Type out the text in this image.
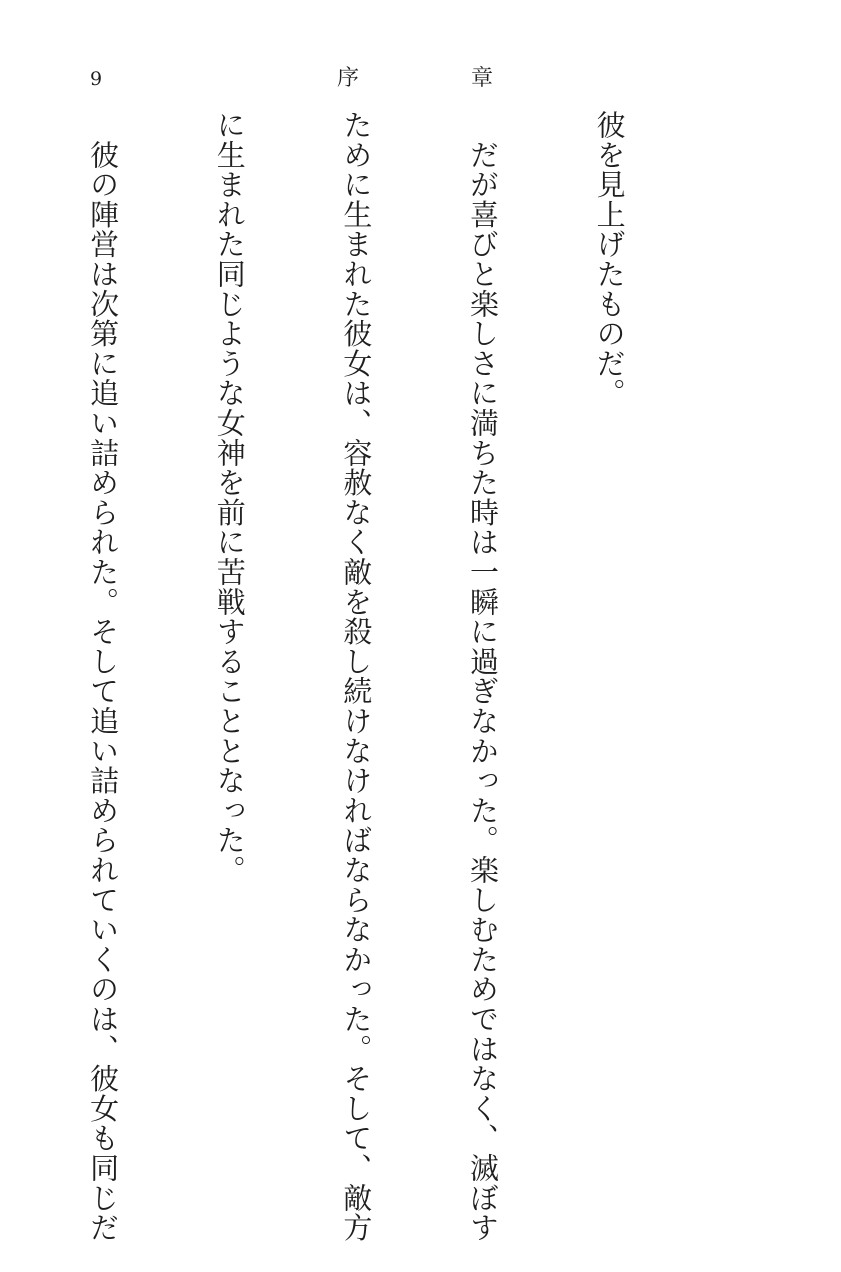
9	序	章

彼を見上げたものだ。

　だが喜びと楽しさに満ちた時は一瞬に過ぎなかった。楽しむためではなく、滅ぼす

ために生まれた彼女は、容赦なく敵を殺し続けなければならなかった。そして、敵方

に生まれた同じような女神を前に苦戦することとなった。

　彼の陣営は次第に追い詰められた。そして追い詰められていくのは、彼女も同じだ
